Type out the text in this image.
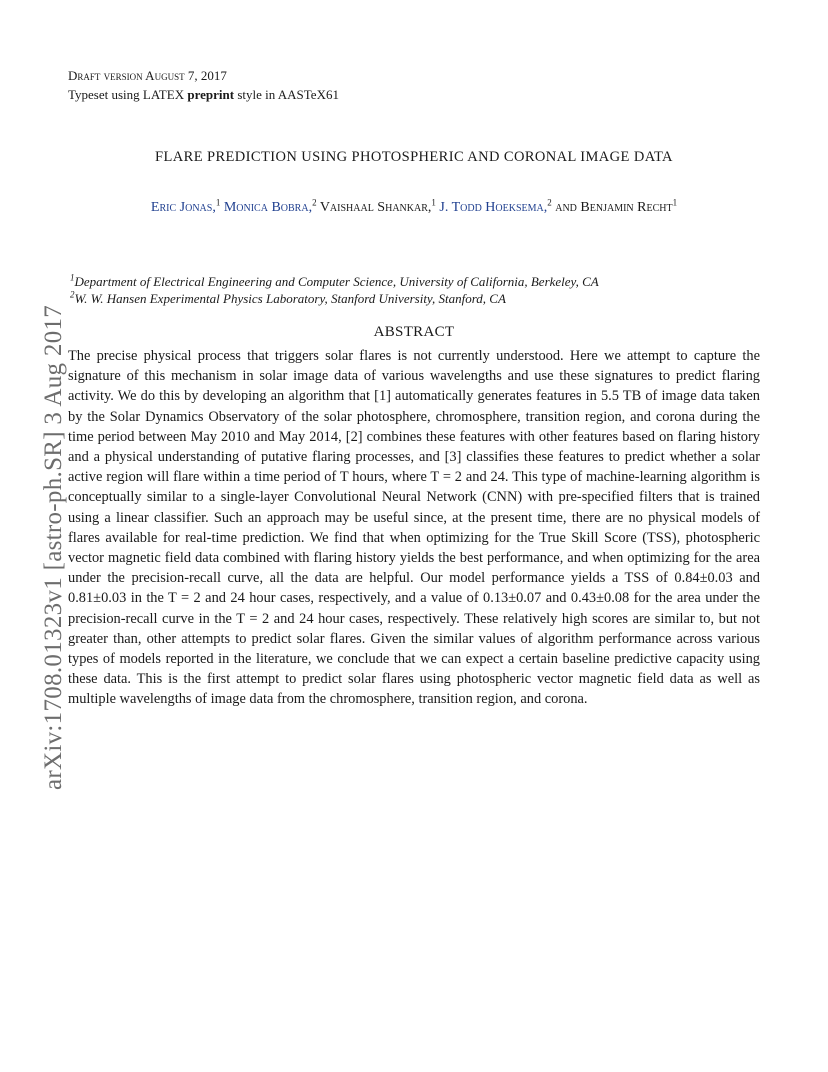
arXiv:1708.01323v1 [astro-ph.SR] 3 Aug 2017
Draft version August 7, 2017
Typeset using LATEX preprint style in AASTeX61
FLARE PREDICTION USING PHOTOSPHERIC AND CORONAL IMAGE DATA
Eric Jonas,$^1$ Monica Bobra,$^2$ Vaishaal Shankar,$^1$ J. Todd Hoeksema,$^2$ and Benjamin Recht$^1$
$^1$Department of Electrical Engineering and Computer Science, University of California, Berkeley, CA
$^2$W. W. Hansen Experimental Physics Laboratory, Stanford University, Stanford, CA
ABSTRACT
The precise physical process that triggers solar flares is not currently understood. Here we attempt to capture the signature of this mechanism in solar image data of various wavelengths and use these signatures to predict flaring activity. We do this by developing an algorithm that [1] automatically generates features in 5.5 TB of image data taken by the Solar Dynamics Observatory of the solar photosphere, chromosphere, transition region, and corona during the time period between May 2010 and May 2014, [2] combines these features with other features based on flaring history and a physical understanding of putative flaring processes, and [3] classifies these features to predict whether a solar active region will flare within a time period of T hours, where T = 2 and 24. This type of machine-learning algorithm is conceptually similar to a single-layer Convolutional Neural Network (CNN) with pre-specified filters that is trained using a linear classifier. Such an approach may be useful since, at the present time, there are no physical models of flares available for real-time prediction. We find that when optimizing for the True Skill Score (TSS), photospheric vector magnetic field data combined with flaring history yields the best performance, and when optimizing for the area under the precision-recall curve, all the data are helpful. Our model performance yields a TSS of 0.84±0.03 and 0.81±0.03 in the T = 2 and 24 hour cases, respectively, and a value of 0.13±0.07 and 0.43±0.08 for the area under the precision-recall curve in the T = 2 and 24 hour cases, respectively. These relatively high scores are similar to, but not greater than, other attempts to predict solar flares. Given the similar values of algorithm performance across various types of models reported in the literature, we conclude that we can expect a certain baseline predictive capacity using these data. This is the first attempt to predict solar flares using photospheric vector magnetic field data as well as multiple wavelengths of image data from the chromosphere, transition region, and corona.
